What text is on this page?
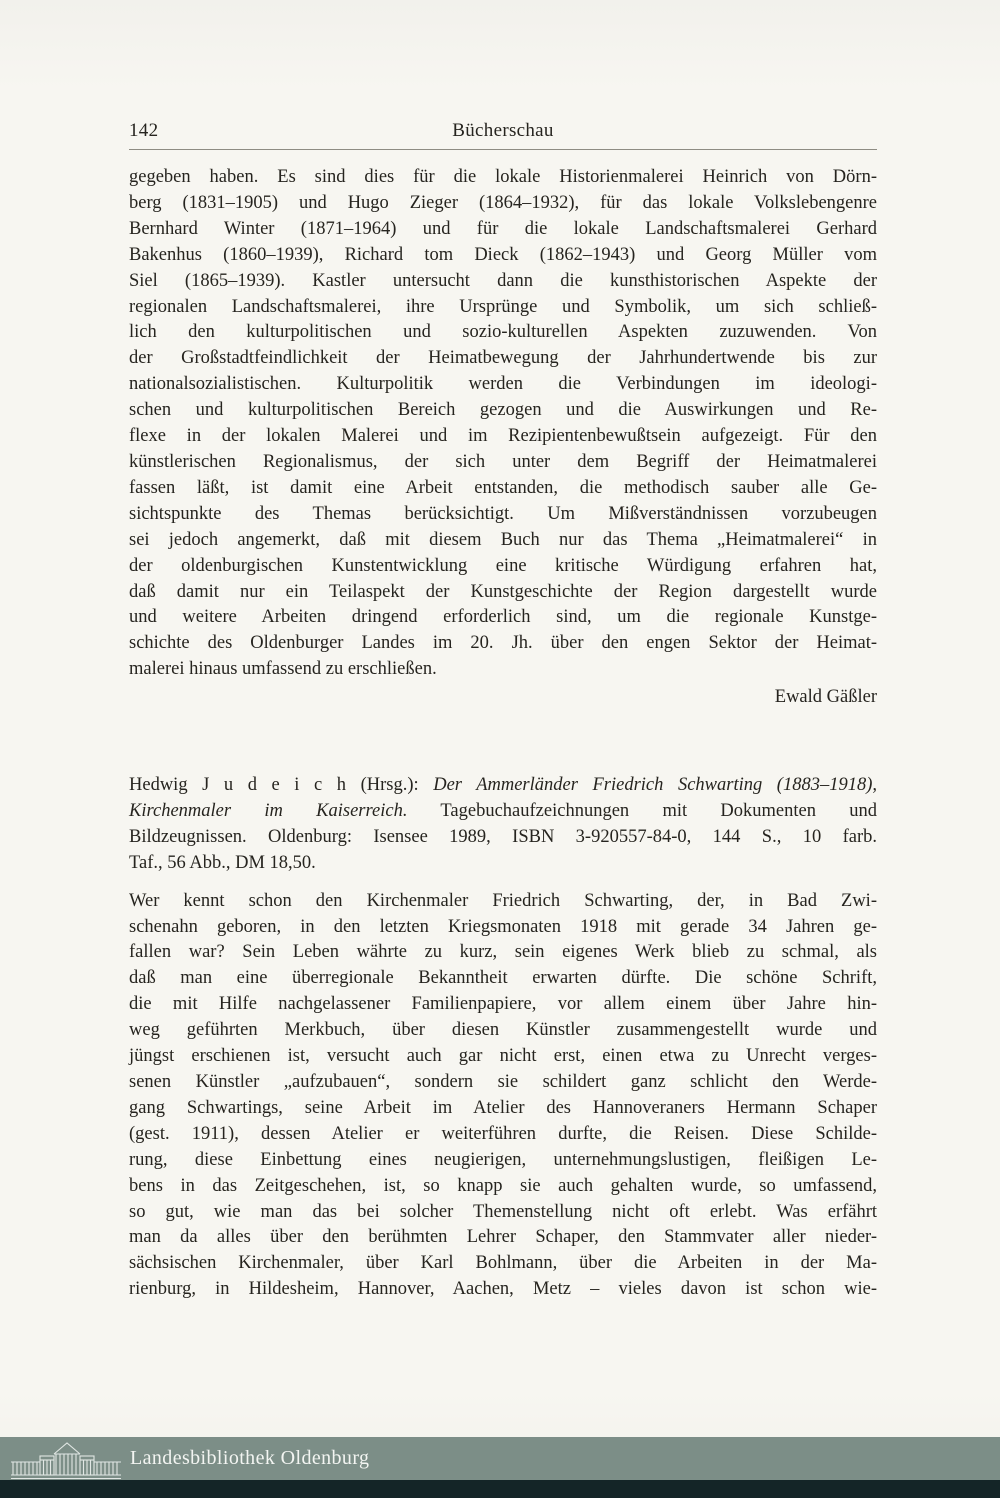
142	Bücherschau
gegeben haben. Es sind dies für die lokale Historienmalerei Heinrich von Dörn-
berg (1831–1905) und Hugo Zieger (1864–1932), für das lokale Volkslebengenre
Bernhard Winter (1871–1964) und für die lokale Landschaftsmalerei Gerhard
Bakenhus (1860–1939), Richard tom Dieck (1862–1943) und Georg Müller vom
Siel (1865–1939). Kastler untersucht dann die kunsthistorischen Aspekte der
regionalen Landschaftsmalerei, ihre Ursprünge und Symbolik, um sich schließ-
lich den kulturpolitischen und sozio-kulturellen Aspekten zuzuwenden. Von
der Großstadtfeindlichkeit der Heimatbewegung der Jahrhundertwende bis zur
nationalsozialistischen. Kulturpolitik werden die Verbindungen im ideologi-
schen und kulturpolitischen Bereich gezogen und die Auswirkungen und Re-
flexe in der lokalen Malerei und im Rezipientenbewußtsein aufgezeigt. Für den
künstlerischen Regionalismus, der sich unter dem Begriff der Heimatmalerei
fassen läßt, ist damit eine Arbeit entstanden, die methodisch sauber alle Ge-
sichtspunkte des Themas berücksichtigt. Um Mißverständnissen vorzubeugen
sei jedoch angemerkt, daß mit diesem Buch nur das Thema „Heimatmalerei“ in
der oldenburgischen Kunstentwicklung eine kritische Würdigung erfahren hat,
daß damit nur ein Teilaspekt der Kunstgeschichte der Region dargestellt wurde
und weitere Arbeiten dringend erforderlich sind, um die regionale Kunstge-
schichte des Oldenburger Landes im 20. Jh. über den engen Sektor der Heimat-
malerei hinaus umfassend zu erschließen.
Ewald Gäßler
Hedwig J u d e i c h (Hrsg.): Der Ammerländer Friedrich Schwarting (1883–1918),
Kirchenmaler im Kaiserreich. Tagebuchaufzeichnungen mit Dokumenten und
Bildzeugnissen. Oldenburg: Isensee 1989, ISBN 3-920557-84-0, 144 S., 10 farb.
Taf., 56 Abb., DM 18,50.
Wer kennt schon den Kirchenmaler Friedrich Schwarting, der, in Bad Zwi-
schenahn geboren, in den letzten Kriegsmonaten 1918 mit gerade 34 Jahren ge-
fallen war? Sein Leben währte zu kurz, sein eigenes Werk blieb zu schmal, als
daß man eine überregionale Bekanntheit erwarten dürfte. Die schöne Schrift,
die mit Hilfe nachgelassener Familienpapiere, vor allem einem über Jahre hin-
weg geführten Merkbuch, über diesen Künstler zusammengestellt wurde und
jüngst erschienen ist, versucht auch gar nicht erst, einen etwa zu Unrecht verges-
senen Künstler „aufzubauen“, sondern sie schildert ganz schlicht den Werde-
gang Schwartings, seine Arbeit im Atelier des Hannoveraners Hermann Schaper
(gest. 1911), dessen Atelier er weiterführen durfte, die Reisen. Diese Schilde-
rung, diese Einbettung eines neugierigen, unternehmungslustigen, fleißigen Le-
bens in das Zeitgeschehen, ist, so knapp sie auch gehalten wurde, so umfassend,
so gut, wie man das bei solcher Themenstellung nicht oft erlebt. Was erfährt
man da alles über den berühmten Lehrer Schaper, den Stammvater aller nieder-
sächsischen Kirchenmaler, über Karl Bohlmann, über die Arbeiten in der Ma-
rienburg, in Hildesheim, Hannover, Aachen, Metz – vieles davon ist schon wie-
Landesbibliothek Oldenburg
